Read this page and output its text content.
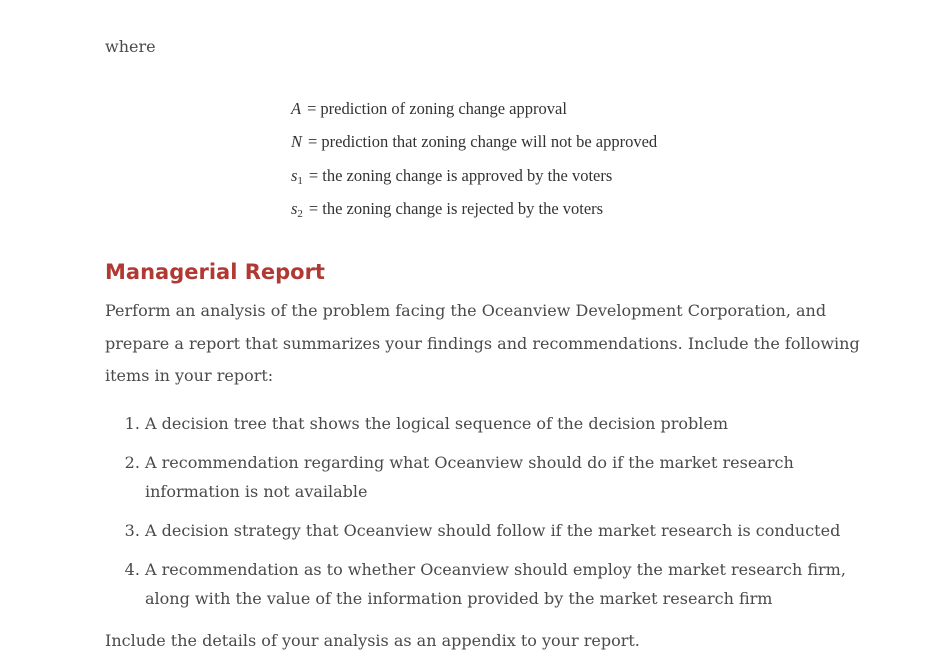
where

A = prediction of zoning change approval
N = prediction that zoning change will not be approved
$s_1$ = the zoning change is approved by the voters
$s_2$ = the zoning change is rejected by the voters
Managerial Report

Perform an analysis of the problem facing the Oceanview Development Corporation, and prepare a report that summarizes your findings and recommendations. Include the following items in your report:

1. A decision tree that shows the logical sequence of the decision problem
2. A recommendation regarding what Oceanview should do if the market research information is not available
3. A decision strategy that Oceanview should follow if the market research is conducted
4. A recommendation as to whether Oceanview should employ the market research firm, along with the value of the information provided by the market research firm

Include the details of your analysis as an appendix to your report.
